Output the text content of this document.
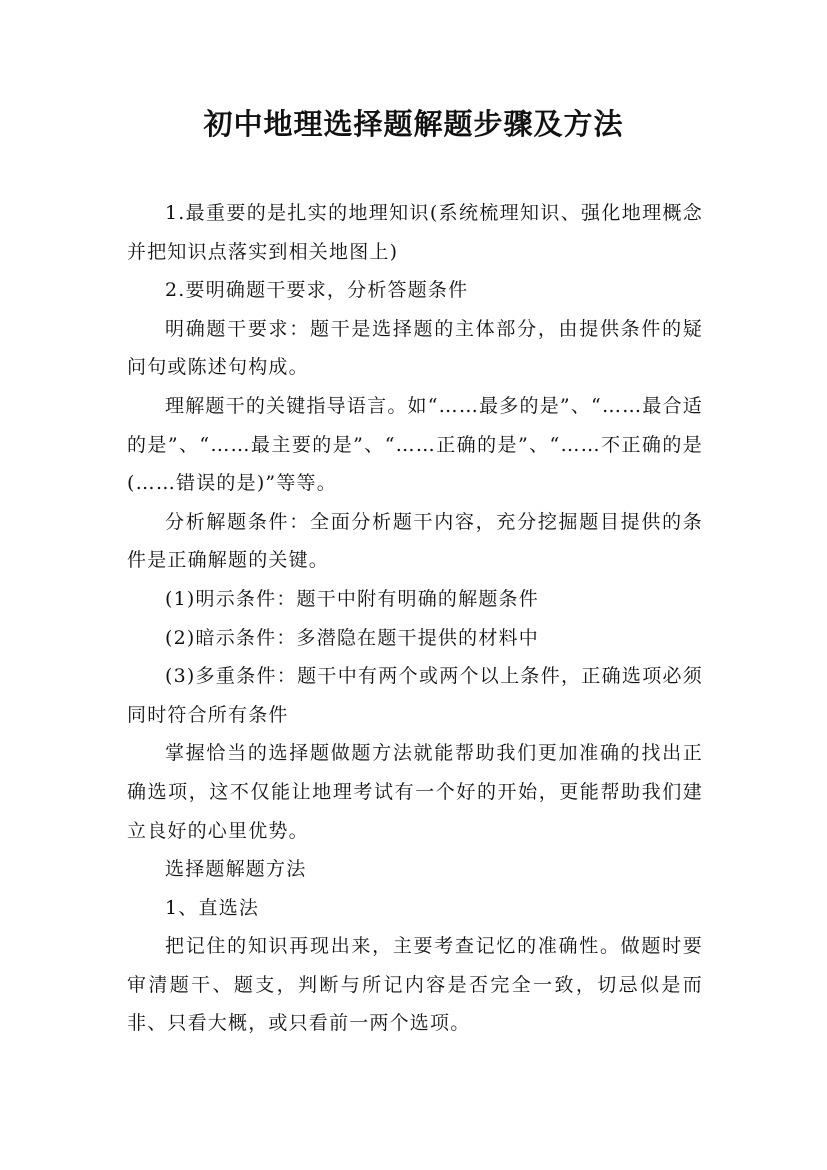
初中地理选择题解题步骤及方法

1.最重要的是扎实的地理知识(系统梳理知识、强化地理概念并把知识点落实到相关地图上)

2.要明确题干要求，分析答题条件

明确题干要求：题干是选择题的主体部分，由提供条件的疑问句或陈述句构成。

理解题干的关键指导语言。如“……最多的是”、“……最合适的是”、“……最主要的是”、“……正确的是”、“……不正确的是(……错误的是)”等等。

分析解题条件：全面分析题干内容，充分挖掘题目提供的条件是正确解题的关键。

(1)明示条件：题干中附有明确的解题条件

(2)暗示条件：多潜隐在题干提供的材料中

(3)多重条件：题干中有两个或两个以上条件，正确选项必须同时符合所有条件

掌握恰当的选择题做题方法就能帮助我们更加准确的找出正确选项，这不仅能让地理考试有一个好的开始，更能帮助我们建立良好的心里优势。

选择题解题方法

1、直选法

把记住的知识再现出来，主要考查记忆的准确性。做题时要审清题干、题支，判断与所记内容是否完全一致，切忌似是而非、只看大概，或只看前一两个选项。
